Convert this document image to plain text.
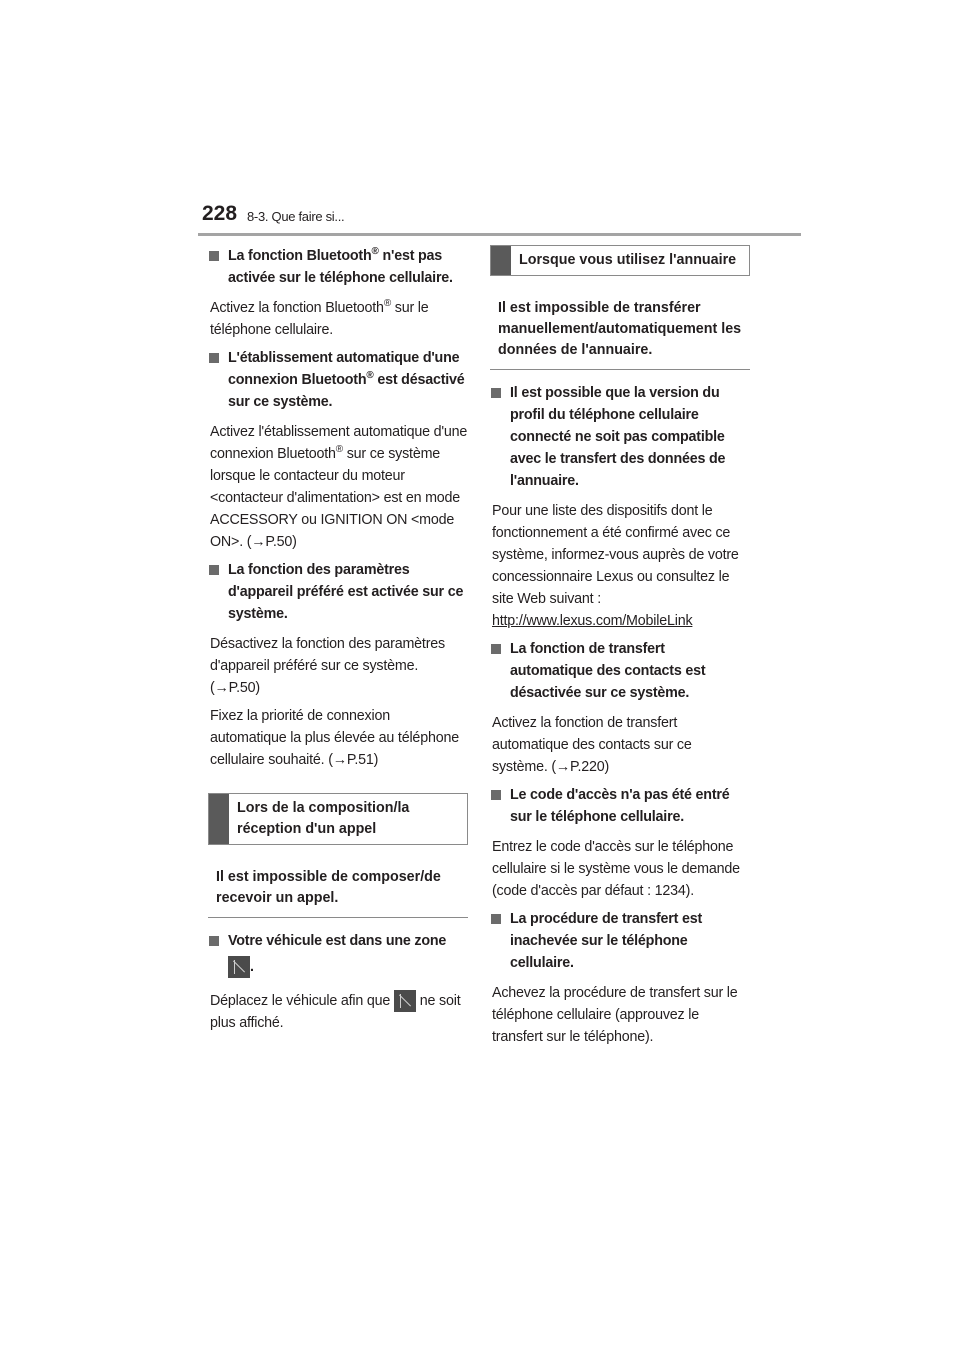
228 8-3. Que faire si...
La fonction Bluetooth® n'est pas activée sur le téléphone cellulaire.

Activez la fonction Bluetooth® sur le téléphone cellulaire.

L'établissement automatique d'une connexion Bluetooth® est désactivé sur ce système.

Activez l'établissement automatique d'une connexion Bluetooth® sur ce système lorsque le contacteur du moteur <contacteur d'alimentation> est en mode ACCESSORY ou IGNITION ON <mode ON>. (→P.50)

La fonction des paramètres d'appareil préféré est activée sur ce système.

Désactivez la fonction des paramètres d'appareil préféré sur ce système. (→P.50)

Fixez la priorité de connexion automatique la plus élevée au téléphone cellulaire souhaité. (→P.51)

Lors de la composition/la réception d'un appel
Il est impossible de composer/de recevoir un appel.
Votre véhicule est dans une zone
.

Déplacez le véhicule afin que  ne soit plus affiché.

Lorsque vous utilisez l'annuaire
Il est impossible de transférer manuellement/automatiquement les données de l'annuaire.
Il est possible que la version du profil du téléphone cellulaire connecté ne soit pas compatible avec le transfert des données de l'annuaire.

Pour une liste des dispositifs dont le fonctionnement a été confirmé avec ce système, informez-vous auprès de votre concessionnaire Lexus ou consultez le site Web suivant :

http://www.lexus.com/MobileLink

La fonction de transfert automatique des contacts est désactivée sur ce système.

Activez la fonction de transfert automatique des contacts sur ce système. (→P.220)

Le code d'accès n'a pas été entré sur le téléphone cellulaire.

Entrez le code d'accès sur le téléphone cellulaire si le système vous le demande (code d'accès par défaut : 1234).

La procédure de transfert est inachevée sur le téléphone cellulaire.

Achevez la procédure de transfert sur le téléphone cellulaire (approuvez le transfert sur le téléphone).
